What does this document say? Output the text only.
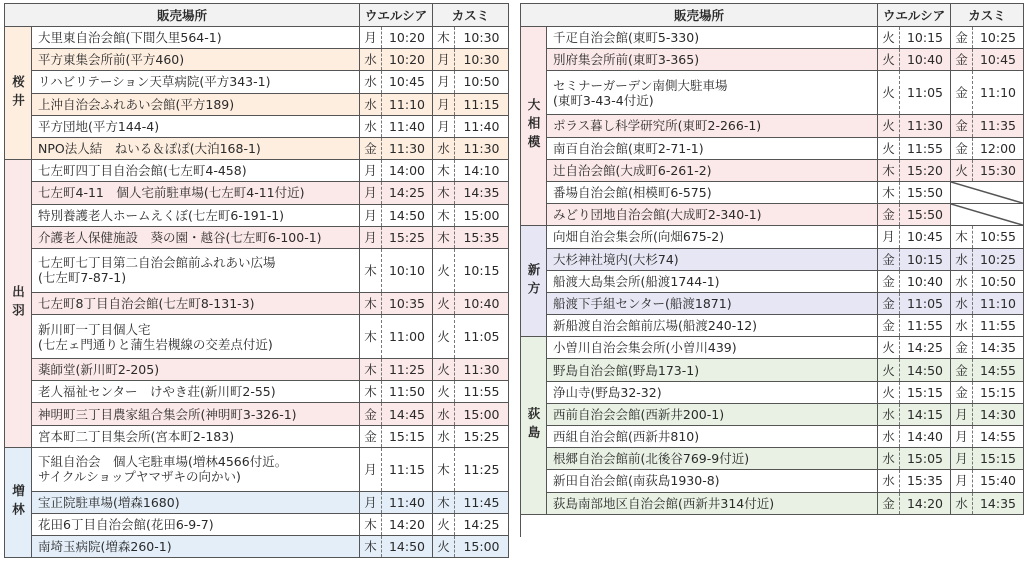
販売場所	ウエルシア	カスミ
桜井
大里東自治会館(下間久里564-1)	月 10:20 木	10:30
平方東集会所前(平方460)	水 10:20 月	10:30
リハビリテーション天草病院(平方343-1)	水 10:45 月	10:50
上沖自治会ふれあい会館(平方189)	水 11:10 月	11:15
平方団地(平方144-4)	水 11:40 月	11:40
NPO法人結　ねいる＆ぽぽ(大泊168-1)	金 11:30 水	11:30
出羽
七左町四丁目自治会館(七左町4-458)	月 14:00 木	14:10
七左町4-11　個人宅前駐車場(七左町4-11付近)	月 14:25 木	14:35
特別養護老人ホームえくぼ(七左町6-191-1)	月 14:50 木	15:00
介護老人保健施設　葵の園・越谷(七左町6-100-1)	月 15:25 木	15:35
七左町七丁目第二自治会館前ふれあい広場
(七左町7-87-1)	木 10:10 火	10:15
七左町8丁目自治会館(七左町8-131-3)	木 10:35 火	10:40
新川町一丁目個人宅
(七左ェ門通りと蒲生岩槻線の交差点付近)	木 11:00 火	11:05
薬師堂(新川町2-205)	木 11:25 火	11:30
老人福祉センター　けやき荘(新川町2-55)	木 11:50 火	11:55
神明町三丁目農家組合集会所(神明町3-326-1)	金 14:45 水	15:00
宮本町二丁目集会所(宮本町2-183)	金 15:15 水	15:25
増林
下組自治会　個人宅駐車場(増林4566付近。
サイクルショップヤマザキの向かい)	月 11:15 木	11:25
宝正院駐車場(増森1680)	月 11:40 木	11:45
花田6丁目自治会館(花田6-9-7)	木 14:20 火	14:25
南埼玉病院(増森260-1)	木 14:50 火	15:00
販売場所	ウエルシア	カスミ
大相模
千疋自治会館(東町5-330)	火 10:15 金 10:25
別府集会所前(東町3-365)	火 10:40 金 10:45
セミナーガーデン南側大駐車場
(東町3-43-4付近)	火 11:05 金 11:10
ポラス暮し科学研究所(東町2-266-1)	火 11:30 金 11:35
南百自治会館(東町2-71-1)	火 11:55 金 12:00
辻自治会館(大成町6-261-2)	木 15:20 火 15:30
番場自治会館(相模町6-575)	木 15:50
みどり団地自治会館(大成町2-340-1)	金 15:50
新方
向畑自治会集会所(向畑675-2)	月 10:45 木 10:55
大杉神社境内(大杉74)	金 10:15 水 10:25
船渡大島集会所(船渡1744-1)	金 10:40 水 10:50
船渡下手組センター(船渡1871)	金 11:05 水 11:10
新船渡自治会館前広場(船渡240-12)	金 11:55 水 11:55
荻島
小曽川自治会集会所(小曽川439)	火 14:25 金 14:35
野島自治会館(野島173-1)	火 14:50 金 14:55
浄山寺(野島32-32)	火 15:15 金 15:15
西前自治会会館(西新井200-1)	水 14:15 月 14:30
西組自治会館(西新井810)	水 14:40 月 14:55
根郷自治会館前(北後谷769-9付近)	水 15:05 月 15:15
新田自治会館(南荻島1930-8)	水 15:35 月 15:40
荻島南部地区自治会館(西新井314付近)	金 14:20 水 14:35
